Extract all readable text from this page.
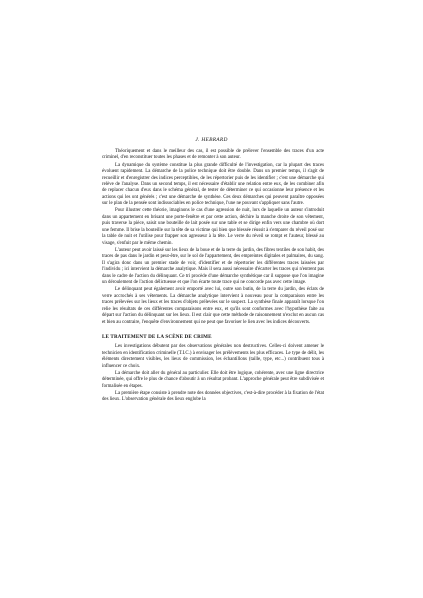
J. HEBRARD

Théoriquement et dans le meilleur des cas, il est possible de prélever l'ensemble des traces d'un acte criminel, d'en reconstituer toutes les phases et de remonter à son auteur.

La dynamique du système constitue la plus grande difficulté de l'investigation, car la plupart des traces évoluent rapidement. La démarche de la police technique doit être double. Dans un premier temps, il s'agit de recueillir et d'enregistrer des indices perceptibles, de les répertorier puis de les identifier ; c'est une démarche qui relève de l'analyse. Dans un second temps, il est nécessaire d'établir une relation entre eux, de les combiner afin de replacer chacun d'eux dans le schéma général, de tester de déterminer ce qui occasionne leur présence et les actions qui les ont générés ; c'est une démarche de synthèse. Ces deux démarches qui peuvent paraître opposées sur le plan de la pensée sont indissociables en police technique, l'une ne pouvant s'appliquer sans l'autre.

Pour illustrer cette théorie, imaginons le cas d'une agression de nuit, lors de laquelle un auteur s'introduit dans un appartement en brisant une porte-fenêtre et par cette action, déchire la manche droite de son vêtement, puis traverse la pièce, saisit une bouteille de lait posée sur une table et se dirige enfin vers une chambre où dort une femme. Il brise la bouteille sur la tête de sa victime qui bien que blessée réussit à s'emparer du réveil posé sur la table de nuit et l'utilise pour frapper son agresseur à la tête. Le verre du réveil se rompt et l'auteur, blessé au visage, s'enfuit par le même chemin.

L'auteur peut avoir laissé sur les lieux de la boue et de la terre du jardin, des fibres textiles de son habit, des traces de pas dans le jardin et peut-être, sur le sol de l'appartement, des empreintes digitales et palmaires, du sang. Il s'agira donc dans un premier stade de voir, d'identifier et de répertorier les différentes traces laissées par l'individu ; ici intervient la démarche analytique. Mais il sera aussi nécessaire d'écarter les traces qui n'entrent pas dans le cadre de l'action du délinquant. Ce tri procède d'une démarche synthétique car il suppose que l'on imagine un déroulement de l'action délictueuse et que l'on écarte toute trace qui ne concorde pas avec cette image.

Le délinquant peut également avoir emporté avec lui, outre son butin, de la terre du jardin, des éclats de verre accrochés à ses vêtements. La démarche analytique intervient à nouveau pour la comparaison entre les traces prélevées sur les lieux et les traces d'objets prélevées sur le suspect. La synthèse finale apparaît lorsque l'on relie les résultats de ces différentes comparaisons entre eux, et qu'ils sont conformes avec l'hypothèse faite au départ sur l'action du délinquant sur les lieux. Il est clair que cette méthode de raisonnement n'exclut en aucun cas et bien au contraire, l'enquête d'environnement qui ne peut que favoriser le lien avec les indices découverts.

LE TRAITEMENT DE LA SCÈNE DE CRIME

Les investigations débutent par des observations générales non destructives. Celles-ci doivent amener le technicien en identification criminelle (T.I.C.) à envisager les prélèvements les plus efficaces. Le type de délit, les éléments directement visibles, les lieux de commission, les échantillons (taille, type, etc...) contribuent tous à influencer ce choix.

La démarche doit aller du général au particulier. Elle doit être logique, cohérente, avec une ligne directrice déterminée, qui offre le plus de chance d'aboutir à un résultat probant. L'approche générale peut être subdivisée et formalisée en étapes.

La première étape consiste à prendre note des données objectives, c'est-à-dire procéder à la fixation de l'état des lieux. L'observation générale des lieux englobe la
